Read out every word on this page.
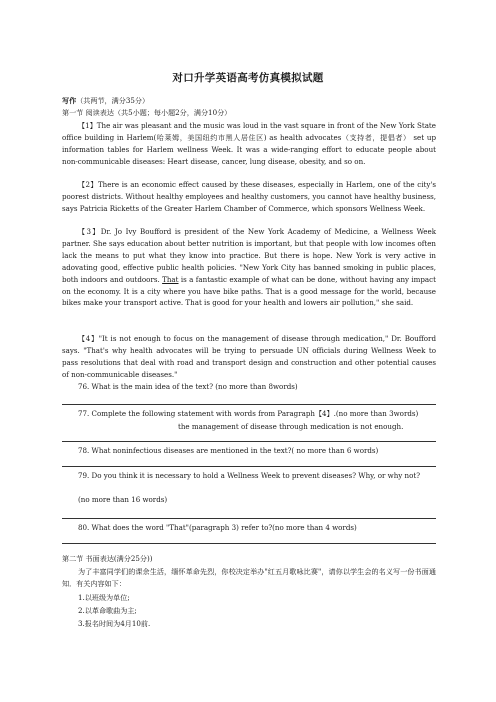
对口升学英语高考仿真模拟试题
写作（共两节，满分35分）
第一节 阅读表达（共5小题；每小题2分，满分10分）
【1】The air was pleasant and the music was loud in the vast square in front of the New York State office building in Harlem(哈莱姆，美国纽约市黑人居住区) as health advocates（支持者，提倡者） set up information tables for Harlem wellness Week. It was a wide-ranging effort to educate people about non-communicable diseases: Heart disease, cancer, lung disease, obesity, and so on.
【2】There is an economic effect caused by these diseases, especially in Harlem, one of the city's poorest districts. Without healthy employees and healthy customers, you cannot have healthy business, says Patricia Ricketts of the Greater Harlem Chamber of Commerce, which sponsors Wellness Week.
【3】Dr. Jo Ivy Boufford is president of the New York Academy of Medicine, a Wellness Week partner. She says education about better nutrition is important, but that people with low incomes often lack the means to put what they know into practice. But there is hope. New York is very active in adovating good, effective public health policies. "New York City has banned smoking in public places, both indoors and outdoors. That is a fantastic example of what can be done, without having any impact on the economy. It is a city where you have bike paths. That is a good message for the world, because bikes make your transport active. That is good for your health and lowers air pollution," she said.
【4】"It is not enough to focus on the management of disease through medication," Dr. Boufford says. "That's why health advocates will be trying to persuade UN officials during Wellness Week to pass resolutions that deal with road and transport design and construction and other potential causes of non-communicable diseases."
76. What is the main idea of the text? (no more than 8words)
77. Complete the following statement with words from Paragraph【4】.(no more than 3words)
the management of disease through medication is not enough.
78. What noninfectious diseases are mentioned in the text?( no more than 6 words)
79. Do you think it is necessary to hold a Wellness Week to prevent diseases? Why, or why not?
(no more than 16 words)
80. What does the word "That"(paragraph 3) refer to?(no more than 4 words)
第二节 书面表达(满分25分))
为了丰富同学们的课余生活，缅怀革命先烈，你校决定举办"红五月歌咏比赛"，请你以学生会的名义写一份书面通知．有关内容如下：
1.以班级为单位;
2.以革命歌曲为主;
3.报名时间为4月10前.
